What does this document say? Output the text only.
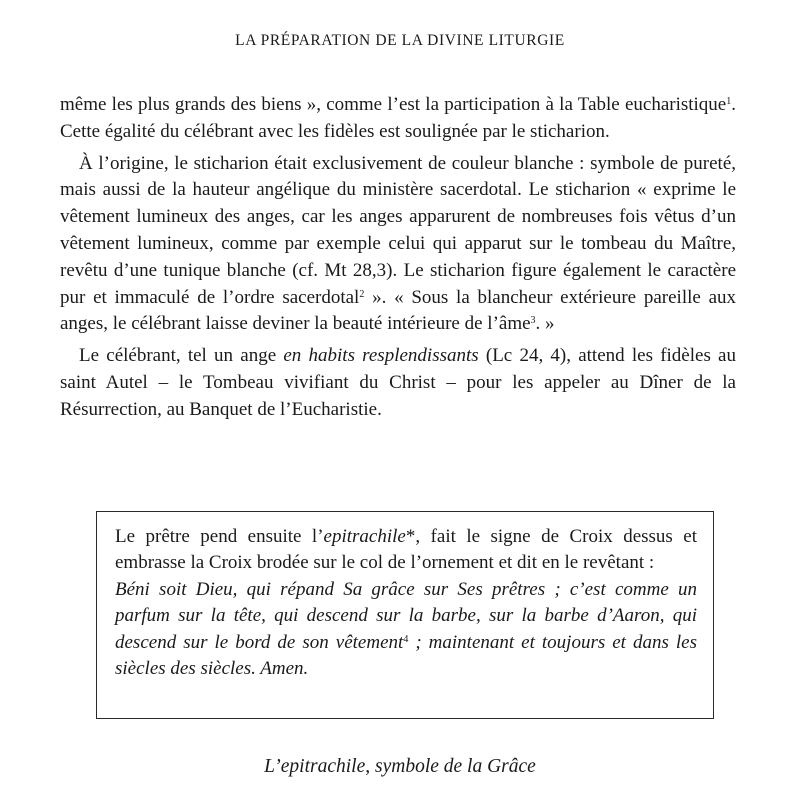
LA PRÉPARATION DE LA DIVINE LITURGIE

même les plus grands des biens », comme l’est la participation à la Table eucharistique$^1$. Cette égalité du célébrant avec les fidèles est soulignée par le sticharion.

À l’origine, le sticharion était exclusivement de couleur blanche : symbole de pureté, mais aussi de la hauteur angélique du ministère sacerdotal. Le sticharion « exprime le vêtement lumineux des anges, car les anges apparurent de nombreuses fois vêtus d’un vêtement lumineux, comme par exemple celui qui apparut sur le tombeau du Maître, revêtu d’une tunique blanche (cf. Mt 28,3). Le sticharion figure également le caractère pur et immaculé de l’ordre sacerdotal$^2$ ». « Sous la blancheur extérieure pareille aux anges, le célébrant laisse deviner la beauté intérieure de l’âme$^3$. »

Le célébrant, tel un ange en habits resplendissants (Lc 24, 4), attend les fidèles au saint Autel – le Tombeau vivifiant du Christ – pour les appeler au Dîner de la Résurrection, au Banquet de l’Eucharistie.

Le prêtre pend ensuite l’epitrachile*, fait le signe de Croix dessus et embrasse la Croix brodée sur le col de l’ornement et dit en le revêtant :

Béni soit Dieu, qui répand Sa grâce sur Ses prêtres ; c’est comme un parfum sur la tête, qui descend sur la barbe, sur la barbe d’Aaron, qui descend sur le bord de son vêtement$^4$ ; maintenant et toujours et dans les siècles des siècles. Amen.

L’epitrachile, symbole de la Grâce
